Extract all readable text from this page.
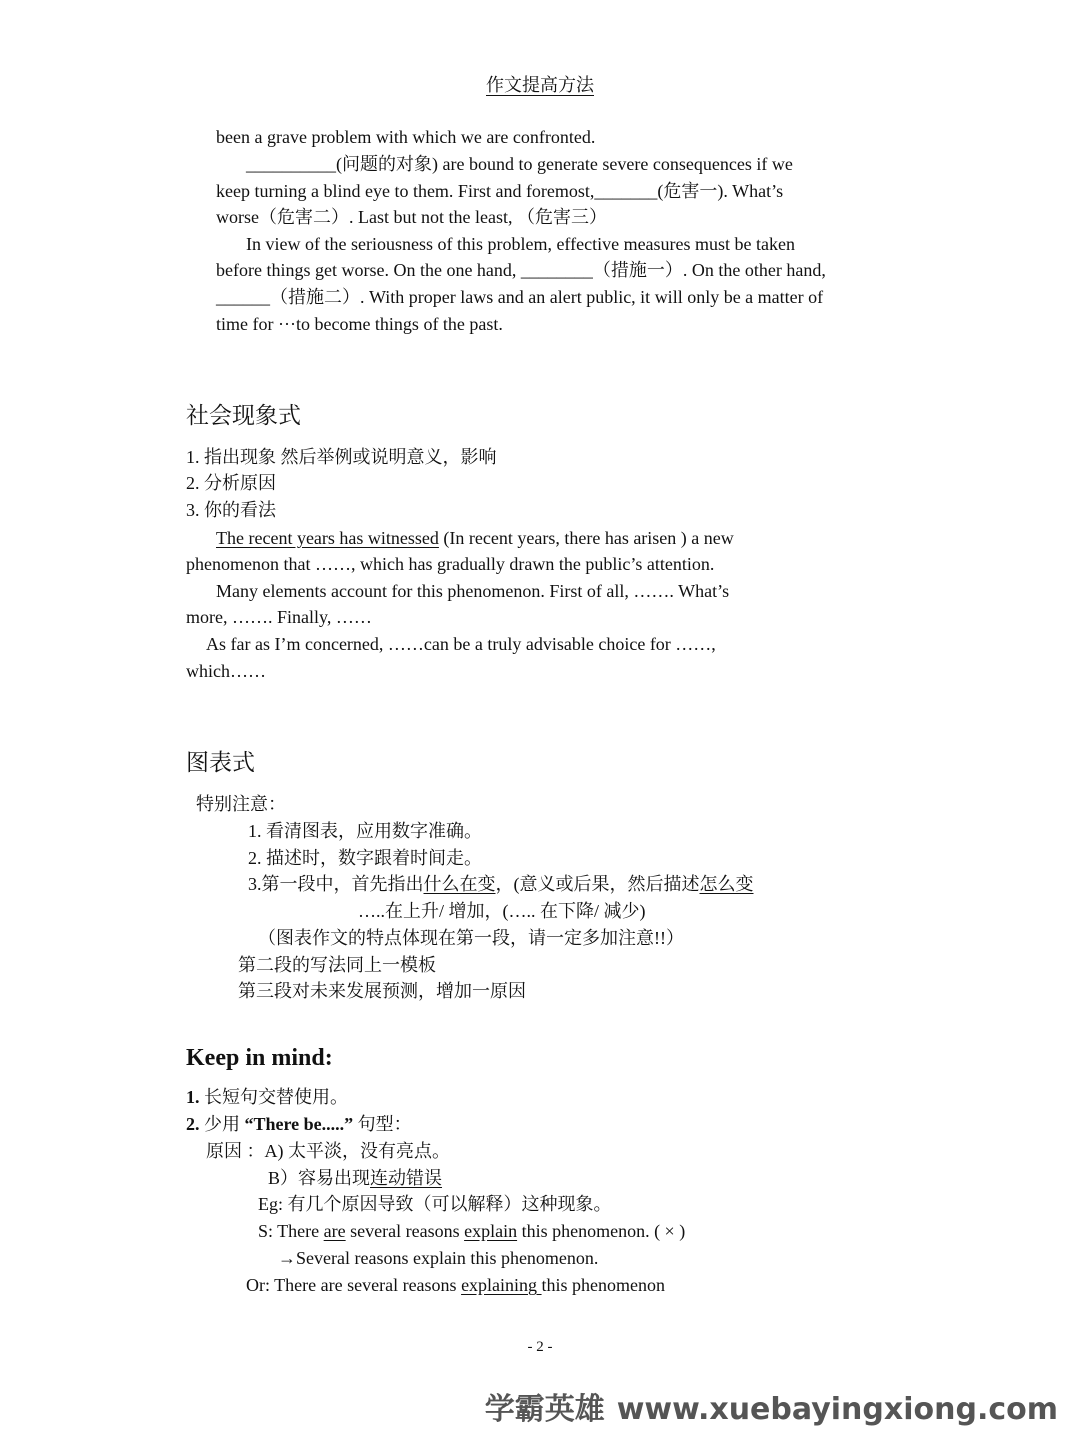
作文提高方法
been a grave problem with which we are confronted.
__________(问题的对象) are bound to generate severe consequences if we
keep turning a blind eye to them. First and foremost,_______(危害一). What’s
worse（危害二）. Last but not the least, （危害三）
In view of the seriousness of this problem, effective measures must be taken
before things get worse. On the one hand, ________（措施一）. On the other hand,
______（措施二）. With proper laws and an alert public, it will only be a matter of
time for ···to become things of the past.
社会现象式
1. 指出现象 然后举例或说明意义，影响
2. 分析原因
3. 你的看法
The recent years has witnessed (In recent years, there has arisen ) a new
phenomenon that ……, which has gradually drawn the public’s attention.
Many elements account for this phenomenon. First of all, ……. What’s
more, ……. Finally, ……
As far as I’m concerned, ……can be a truly advisable choice for ……,
which……
图表式
特别注意：
1. 看清图表，应用数字准确。
2. 描述时，数字跟着时间走。
3.第一段中，首先指出什么在变，(意义或后果，然后描述怎么变
…..在上升/ 增加，(….. 在下降/ 减少)
（图表作文的特点体现在第一段，请一定多加注意!!）
第二段的写法同上一模板
第三段对未来发展预测，增加一原因
Keep in mind:
1. 长短句交替使用。
2. 少用 “There be.....” 句型：
原因 ：A) 太平淡，没有亮点。
B）容易出现连动错误
Eg: 有几个原因导致（可以解释）这种现象。
S: There are several reasons explain this phenomenon. ( × )
→Several reasons explain this phenomenon.
Or: There are several reasons explaining this phenomenon
- 2 -
学霸英雄 www.xuebayingxiong.com
